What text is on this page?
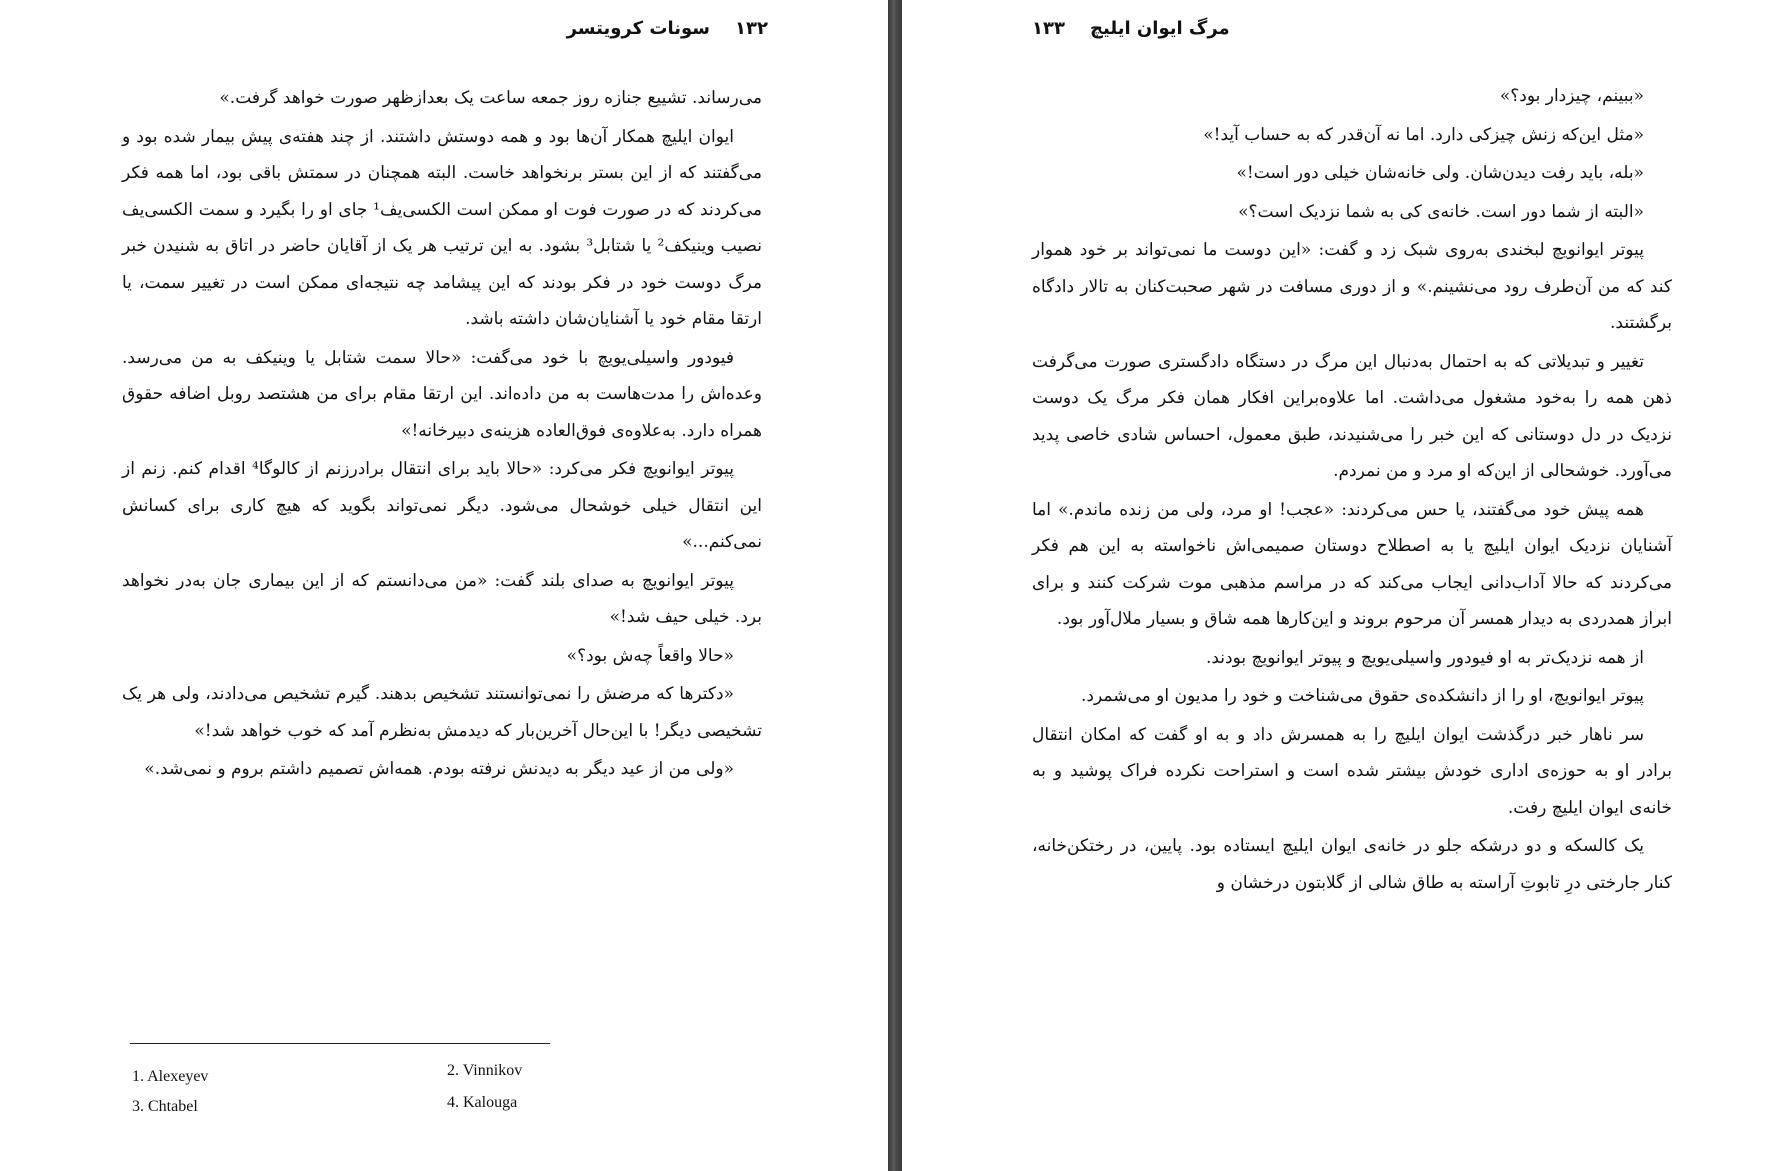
۱۳۲    سونات کرویتسر

می‌رساند. تشییع جنازه روز جمعه ساعت یک بعدازظهر صورت خواهد گرفت.»

ایوان ایلیچ همکار آن‌ها بود و همه دوستش داشتند. از چند هفته‌ی پیش بیمار شده بود و می‌گفتند که از این بستر برنخواهد خاست. البته همچنان در سمتش باقی بود، اما همه فکر می‌کردند که در صورت فوت او ممکن است الکسی‌یف¹ جای او را بگیرد و سمت الکسی‌یف نصیب وینیکف² یا شتابل³ بشود. به این ترتیب هر یک از آقایان حاضر در اتاق به شنیدن خبر مرگ دوست خود در فکر بودند که این پیشامد چه نتیجه‌ای ممکن است در تغییر سمت، یا ارتقا مقام خود یا آشنایان‌شان داشته باشد.

فیودور واسیلی‌یویچ با خود می‌گفت: «حالا سمت شتابل یا وینیکف به من می‌رسد. وعده‌اش را مدت‌هاست به من داده‌اند. این ارتقا مقام برای من هشتصد روبل اضافه حقوق همراه دارد. به‌علاوه‌ی فوق‌العاده هزینه‌ی دبیرخانه!»

پیوتر ایوانویچ فکر می‌کرد: «حالا باید برای انتقال برادرزنم از کالوگا⁴ اقدام کنم. زنم از این انتقال خیلی خوشحال می‌شود. دیگر نمی‌تواند بگوید که هیچ کاری برای کسانش نمی‌کنم...»

پیوتر ایوانویچ به صدای بلند گفت: «من می‌دانستم که از این بیماری جان به‌در نخواهد برد. خیلی حیف شد!»

«حالا واقعاً چه‌ش بود؟»

«دکترها که مرضش را نمی‌توانستند تشخیص بدهند. گیرم تشخیص می‌دادند، ولی هر یک تشخیصی دیگر! با این‌حال آخرین‌بار که دیدمش به‌نظرم آمد که خوب خواهد شد!»

«ولی من از عید دیگر به دیدنش نرفته بودم. همه‌اش تصمیم داشتم بروم و نمی‌شد.»

1. Alexeyev	2. Vinnikov
3. Chtabel	4. Kalouga
مرگ ایوان ایلیچ    ۱۳۳

«ببینم، چیزدار بود؟»

«مثل این‌که زنش چیزکی دارد. اما نه آن‌قدر که به حساب آید!»

«بله، باید رفت دیدن‌شان. ولی خانه‌شان خیلی دور است!»

«البته از شما دور است. خانه‌ی کی به شما نزدیک است؟»

پیوتر ایوانویچ لبخندی به‌روی شبک زد و گفت: «این دوست ما نمی‌تواند بر خود هموار کند که من آن‌طرف رود می‌نشینم.» و از دوری مسافت در شهر صحبت‌کنان به تالار دادگاه برگشتند.

تغییر و تبدیلاتی که به احتمال به‌دنبال این مرگ در دستگاه دادگستری صورت می‌گرفت ذهن همه را به‌خود مشغول می‌داشت. اما علاوه‌براین افکار همان فکر مرگ یک دوست نزدیک در دل دوستانی که این خبر را می‌شنیدند، طبق معمول، احساس شادی خاصی پدید می‌آورد. خوشحالی از این‌که او مرد و من نمردم.

همه پیش خود می‌گفتند، یا حس می‌کردند: «عجب! او مرد، ولی من زنده ماندم.» اما آشنایان نزدیک ایوان ایلیچ یا به اصطلاح دوستان صمیمی‌اش ناخواسته به این هم فکر می‌کردند که حالا آداب‌دانی ایجاب می‌کند که در مراسم مذهبی موت شرکت کنند و برای ابراز همدردی به دیدار همسر آن مرحوم بروند و این‌کارها همه شاق و بسیار ملال‌آور بود.

از همه نزدیک‌تر به او فیودور واسیلی‌یویچ و پیوتر ایوانویچ بودند.

پیوتر ایوانویچ، او را از دانشکده‌ی حقوق می‌شناخت و خود را مدیون او می‌شمرد.

سر ناهار خبر درگذشت ایوان ایلیچ را به همسرش داد و به او گفت که امکان انتقال برادر او به حوزه‌ی اداری خودش بیشتر شده است و استراحت نکرده فراک پوشید و به خانه‌ی ایوان ایلیچ رفت.

یک کالسکه و دو درشکه جلو در خانه‌ی ایوان ایلیچ ایستاده بود. پایین، در رختکن‌خانه، کنار جارختی درِ تابوتِ آراسته به طاق شالی از گلابتون درخشان و
